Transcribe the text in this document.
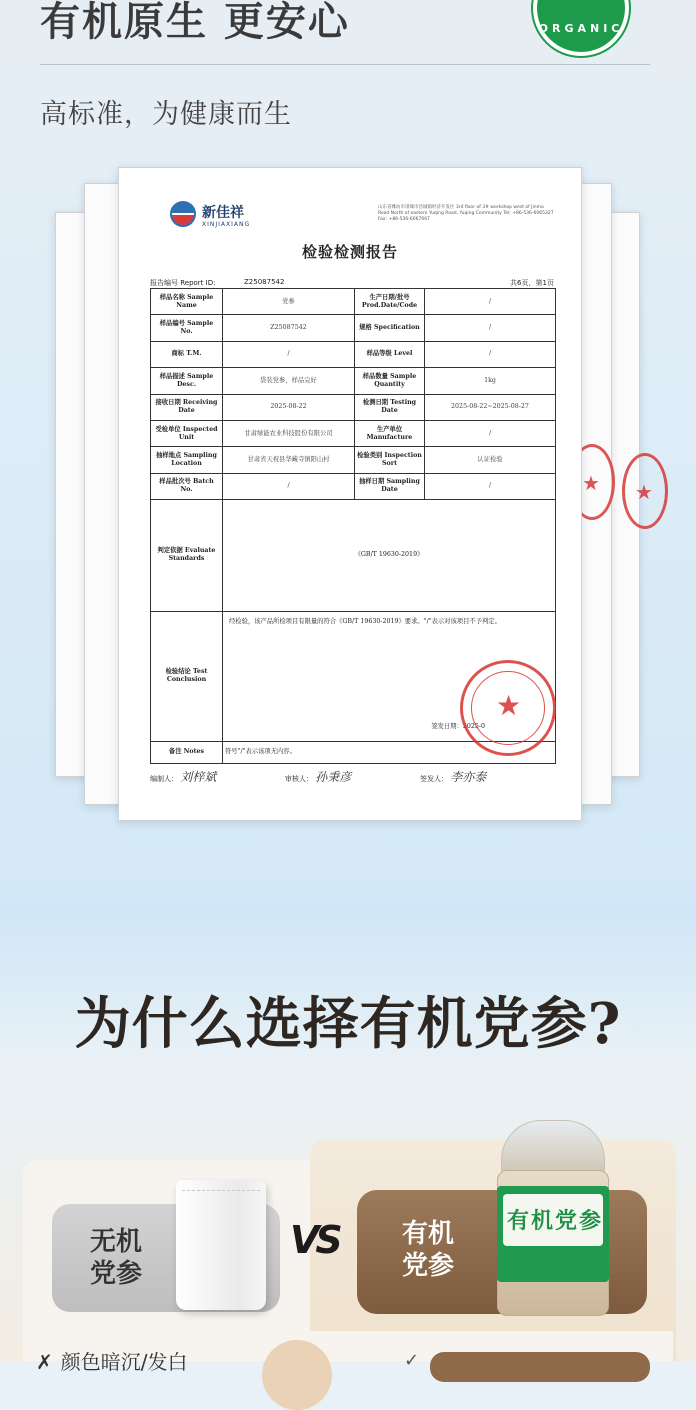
有机原生 更安心	ORGANIC
高标准，为健康而生
★
★
新佳祥
XINJIAXIANG
山东省潍坊市诸城市昌城镇经济开发区 3rd floor of 3# workshop west of Jinma Road North of eastern Yuqing Road, Yuqing Community Tel: +86-536-6065327 Fax: +86-536-6067067
检验检测报告
报告编号 Report ID:	Z25087542	共6页，第1页
样品名称 Sample Name	党参	生产日期/批号 Prod.Date/Code	/
样品编号 Sample No.	Z25087542	规格 Specification	/
商标 T.M.	/	样品等级 Level	/
样品描述 Sample Desc.	袋装党参，样品完好	样品数量 Sample Quantity	1kg
接收日期 Receiving Date	2025-08-22	检测日期 Testing Date	2025-08-22~2025-08-27
受检单位 Inspected Unit	甘肃绿能农业科技股份有限公司	生产单位 Manufacture	/
抽样地点 Sampling Location	甘肃省天祝县华藏寺镇阳山村	检验类别 Inspection Sort	认证检验
样品批次号 Batch No.	/	抽样日期 Sampling Date	/
判定依据 Evaluate Standards	《GB/T 19630-2019》		
检验结论 Test Conclusion	经检验，该产品所检项目有限量的符合《GB/T 19630-2019》要求。"/"表示对该项目不予判定。
签发日期：2025-0		

备注 Notes	符号"/"表示该项无内容。		
★
编制人： 刘梓斌	审核人： 孙秉彦	签发人： 李亦泰
为什么选择有机党参?
无机党参
VS 有机党参
有机党参
✗ 颜色暗沉/发白	✓
